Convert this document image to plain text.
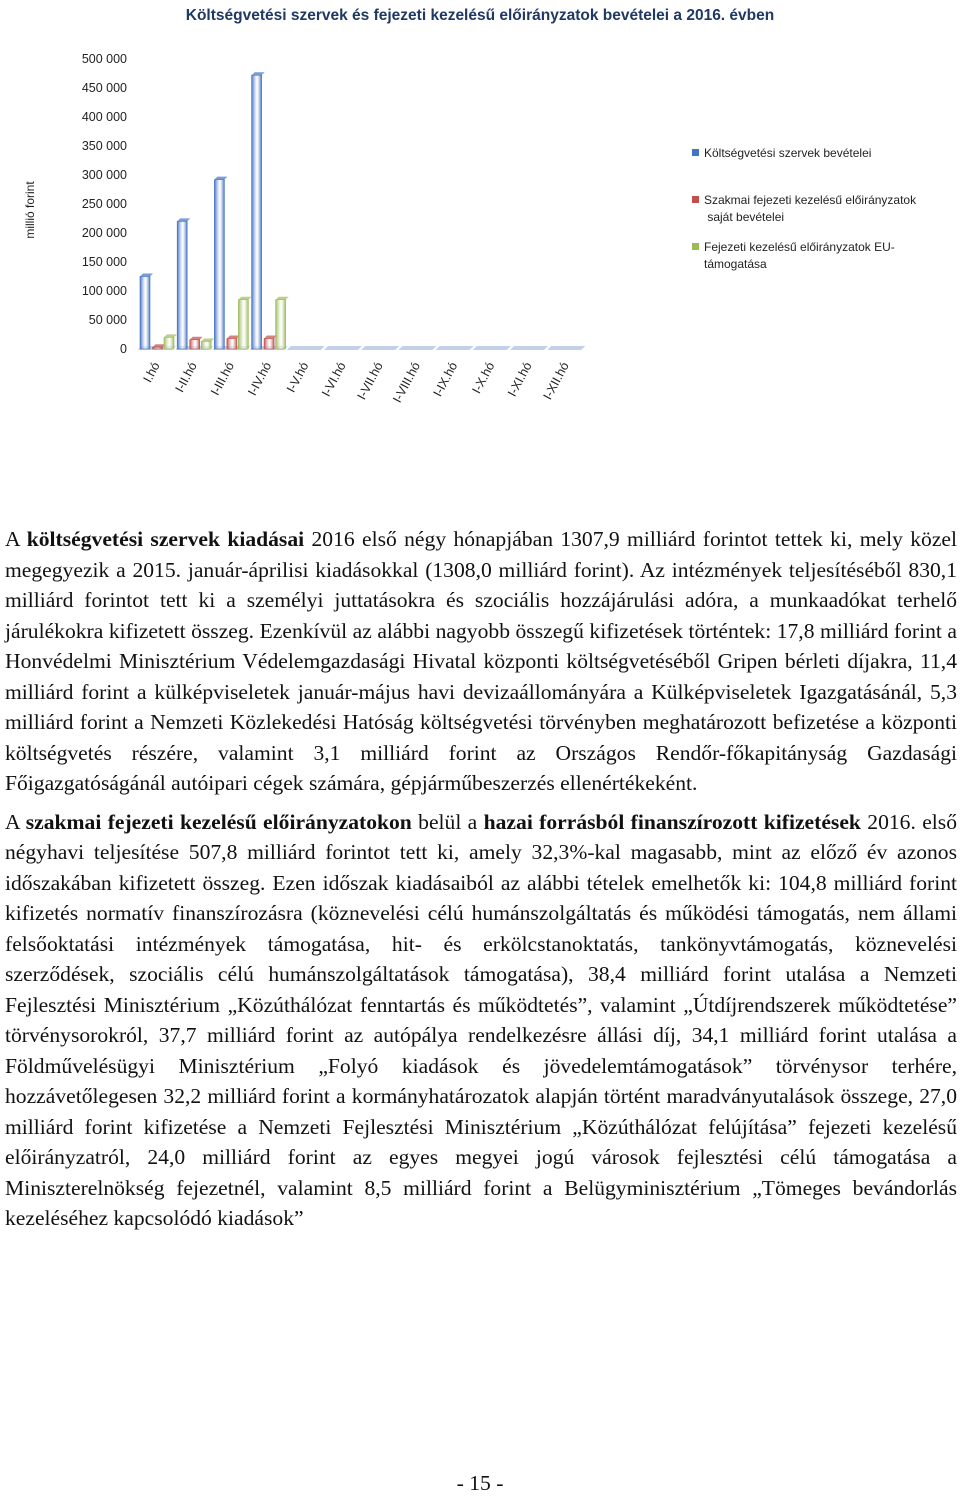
Költségvetési szervek és fejezeti kezelésű előirányzatok bevételei a 2016. évben
millió forint
500 000
450 000
400 000
350 000
300 000
250 000
200 000
150 000
100 000
50 000
0
I.hó I-II.hó I-III.hó I-IV.hó I-V.hó I-VI.hó I-VII.hó I-VIII.hó I-IX.hó I-X.hó I-XI.hó I-XII.hó
Költségvetési szervek bevételei
Szakmai fejezeti kezelésű előirányzatok saját bevételei
Fejezeti kezelésű előirányzatok EU-támogatása

A költségvetési szervek kiadásai 2016 első négy hónapjában 1307,9 milliárd forintot tettek ki, mely közel megegyezik a 2015. január-áprilisi kiadásokkal (1308,0 milliárd forint). Az intézmények teljesítéséből 830,1 milliárd forintot tett ki a személyi juttatásokra és szociális hozzájárulási adóra, a munkaadókat terhelő járulékokra kifizetett összeg. Ezenkívül az alábbi nagyobb összegű kifizetések történtek: 17,8 milliárd forint a Honvédelmi Minisztérium Védelemgazdasági Hivatal központi költségvetéséből Gripen bérleti díjakra, 11,4 milliárd forint a külképviseletek január-május havi devizaállományára a Külképviseletek Igazgatásánál, 5,3 milliárd forint a Nemzeti Közlekedési Hatóság költségvetési törvényben meghatározott befizetése a központi költségvetés részére, valamint 3,1 milliárd forint az Országos Rendőr-főkapitányság Gazdasági Főigazgatóságánál autóipari cégek számára, gépjárműbeszerzés ellenértékeként.

A szakmai fejezeti kezelésű előirányzatokon belül a hazai forrásból finanszírozott kifizetések 2016. első négyhavi teljesítése 507,8 milliárd forintot tett ki, amely 32,3%-kal magasabb, mint az előző év azonos időszakában kifizetett összeg. Ezen időszak kiadásaiból az alábbi tételek emelhetők ki: 104,8 milliárd forint kifizetés normatív finanszírozásra (köznevelési célú humánszolgáltatás és működési támogatás, nem állami felsőoktatási intézmények támogatása, hit- és erkölcstanoktatás, tankönyvtámogatás, köznevelési szerződések, szociális célú humánszolgáltatások támogatása), 38,4 milliárd forint utalása a Nemzeti Fejlesztési Minisztérium „Közúthálózat fenntartás és működtetés”, valamint „Útdíjrendszerek működtetése” törvénysorokról, 37,7 milliárd forint az autópálya rendelkezésre állási díj, 34,1 milliárd forint utalása a Földművelésügyi Minisztérium „Folyó kiadások és jövedelemtámogatások” törvénysor terhére, hozzávetőlegesen 32,2 milliárd forint a kormányhatározatok alapján történt maradványutalások összege, 27,0 milliárd forint kifizetése a Nemzeti Fejlesztési Minisztérium „Közúthálózat felújítása” fejezeti kezelésű előirányzatról, 24,0 milliárd forint az egyes megyei jogú városok fejlesztési célú támogatása a Miniszterelnökség fejezetnél, valamint 8,5 milliárd forint a Belügyminisztérium „Tömeges bevándorlás kezeléséhez kapcsolódó kiadások”

- 15 -
